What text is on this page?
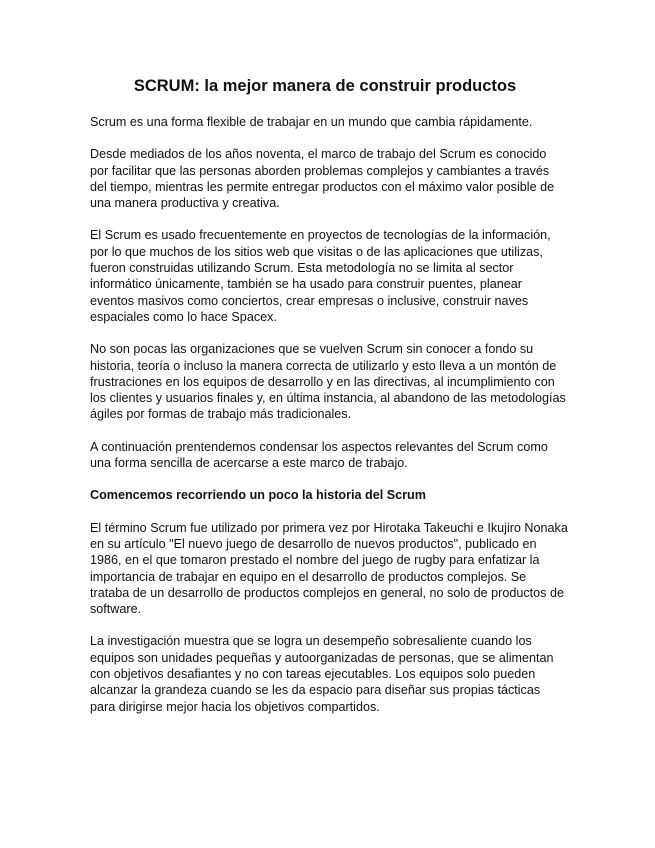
SCRUM: la mejor manera de construir productos

Scrum es una forma flexible de trabajar en un mundo que cambia rápidamente.

Desde mediados de los años noventa, el marco de trabajo del Scrum es conocido por facilitar que las personas aborden problemas complejos y cambiantes a través del tiempo, mientras les permite entregar productos con el máximo valor posible de una manera productiva y creativa.

El Scrum es usado frecuentemente en proyectos de tecnologías de la información, por lo que muchos de los sitios web que visitas o de las aplicaciones que utilizas, fueron construidas utilizando Scrum. Esta metodología no se limita al sector informático únicamente, también se ha usado para construir puentes, planear eventos masivos como conciertos, crear empresas o inclusive, construir naves espaciales como lo hace Spacex.

No son pocas las organizaciones que se vuelven Scrum sin conocer a fondo su historia, teoría o incluso la manera correcta de utilizarlo y esto lleva a un montón de frustraciones en los equipos de desarrollo y en las directivas, al incumplimiento con los clientes y usuarios finales y, en última instancia, al abandono de las metodologías ágiles por formas de trabajo más tradicionales.

A continuación prentendemos condensar los aspectos relevantes del Scrum como una forma sencilla de acercarse a este marco de trabajo.

Comencemos recorriendo un poco la historia del Scrum

El término Scrum fue utilizado por primera vez por Hirotaka Takeuchi e Ikujiro Nonaka en su artículo "El nuevo juego de desarrollo de nuevos productos", publicado en 1986, en el que tomaron prestado el nombre del juego de rugby para enfatizar la importancia de trabajar en equipo en el desarrollo de productos complejos. Se trataba de un desarrollo de productos complejos en general, no solo de productos de software.

La investigación muestra que se logra un desempeño sobresaliente cuando los equipos son unidades pequeñas y autoorganizadas de personas, que se alimentan con objetivos desafiantes y no con tareas ejecutables. Los equipos solo pueden alcanzar la grandeza cuando se les da espacio para diseñar sus propias tácticas para dirigirse mejor hacia los objetivos compartidos.
